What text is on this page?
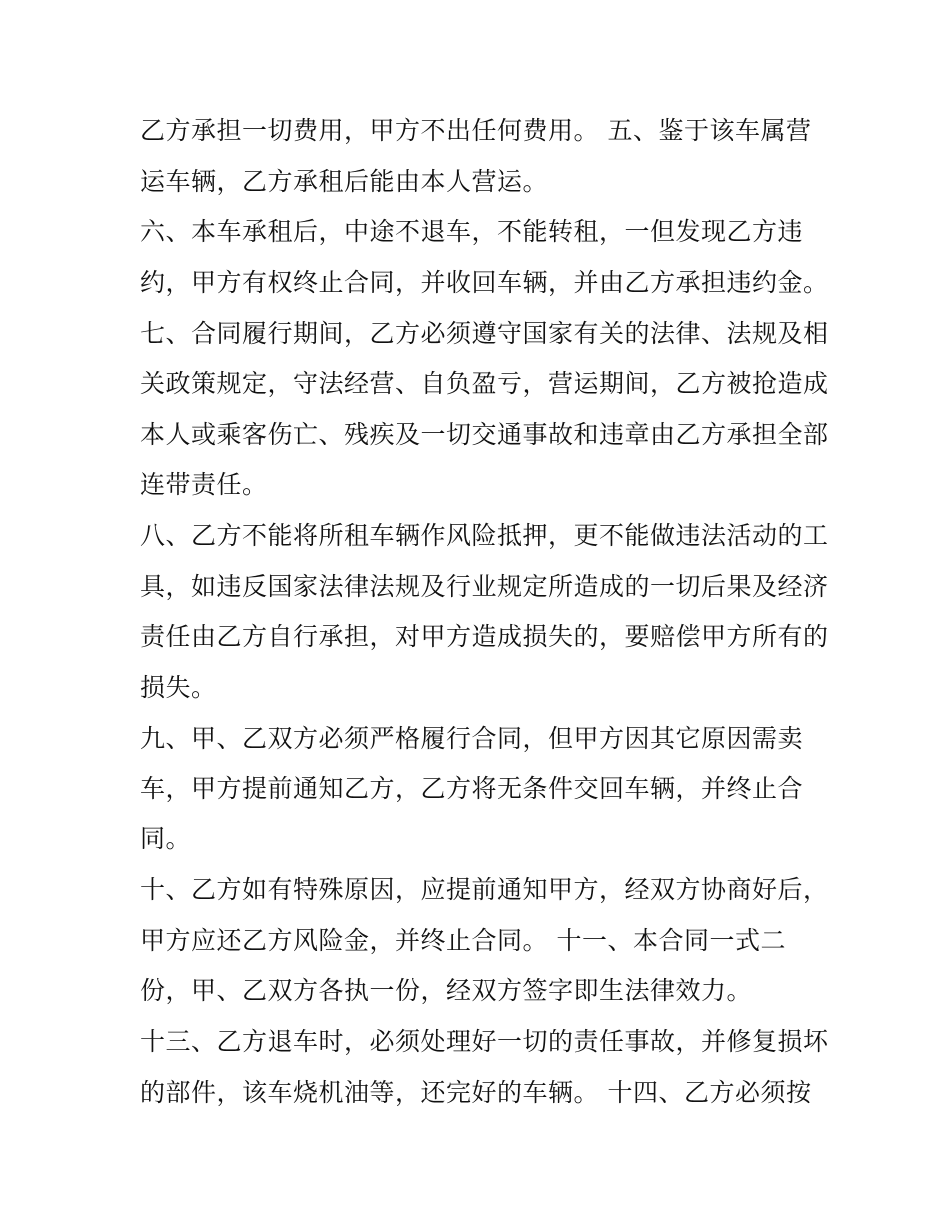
乙方承担一切费用，甲方不出任何费用。 五、鉴于该车属营
运车辆，乙方承租后能由本人营运。
六、本车承租后，中途不退车，不能转租，一但发现乙方违
约，甲方有权终止合同，并收回车辆，并由乙方承担违约金。
七、合同履行期间，乙方必须遵守国家有关的法律、法规及相
关政策规定，守法经营、自负盈亏，营运期间，乙方被抢造成
本人或乘客伤亡、残疾及一切交通事故和违章由乙方承担全部
连带责任。
八、乙方不能将所租车辆作风险抵押，更不能做违法活动的工
具，如违反国家法律法规及行业规定所造成的一切后果及经济
责任由乙方自行承担，对甲方造成损失的，要赔偿甲方所有的
损失。
九、甲、乙双方必须严格履行合同，但甲方因其它原因需卖
车，甲方提前通知乙方，乙方将无条件交回车辆，并终止合
同。
十、乙方如有特殊原因，应提前通知甲方，经双方协商好后，
甲方应还乙方风险金，并终止合同。 十一、本合同一式二
份，甲、乙双方各执一份，经双方签字即生法律效力。
十三、乙方退车时，必须处理好一切的责任事故，并修复损坏
的部件，该车烧机油等，还完好的车辆。 十四、乙方必须按
